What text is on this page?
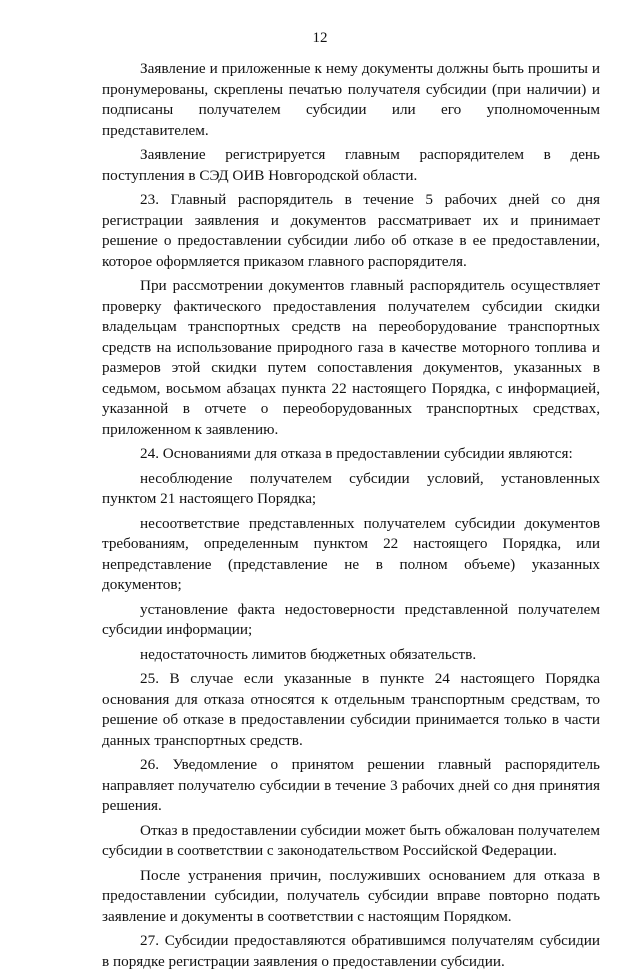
12

Заявление и приложенные к нему документы должны быть прошиты и пронумерованы, скреплены печатью получателя субсидии (при наличии) и подписаны получателем субсидии или его уполномоченным представителем.

Заявление регистрируется главным распорядителем в день поступления в СЭД ОИВ Новгородской области.

23. Главный распорядитель в течение 5 рабочих дней со дня регистрации заявления и документов рассматривает их и принимает решение о предоставлении субсидии либо об отказе в ее предоставлении, которое оформляется приказом главного распорядителя.

При рассмотрении документов главный распорядитель осуществляет проверку фактического предоставления получателем субсидии скидки владельцам транспортных средств на переоборудование транспортных средств на использование природного газа в качестве моторного топлива и размеров этой скидки путем сопоставления документов, указанных в седьмом, восьмом абзацах пункта 22 настоящего Порядка, с информацией, указанной в отчете о переоборудованных транспортных средствах, приложенном к заявлению.

24. Основаниями для отказа в предоставлении субсидии являются:

несоблюдение получателем субсидии условий, установленных пунктом 21 настоящего Порядка;

несоответствие представленных получателем субсидии документов требованиям, определенным пунктом 22 настоящего Порядка, или непредставление (представление не в полном объеме) указанных документов;

установление факта недостоверности представленной получателем субсидии информации;

недостаточность лимитов бюджетных обязательств.

25. В случае если указанные в пункте 24 настоящего Порядка основания для отказа относятся к отдельным транспортным средствам, то решение об отказе в предоставлении субсидии принимается только в части данных транспортных средств.

26. Уведомление о принятом решении главный распорядитель направляет получателю субсидии в течение 3 рабочих дней со дня принятия решения.

Отказ в предоставлении субсидии может быть обжалован получателем субсидии в соответствии с законодательством Российской Федерации.

После устранения причин, послуживших основанием для отказа в предоставлении субсидии, получатель субсидии вправе повторно подать заявление и документы в соответствии с настоящим Порядком.

27. Субсидии предоставляются обратившимся получателям субсидии в порядке регистрации заявления о предоставлении субсидии.
